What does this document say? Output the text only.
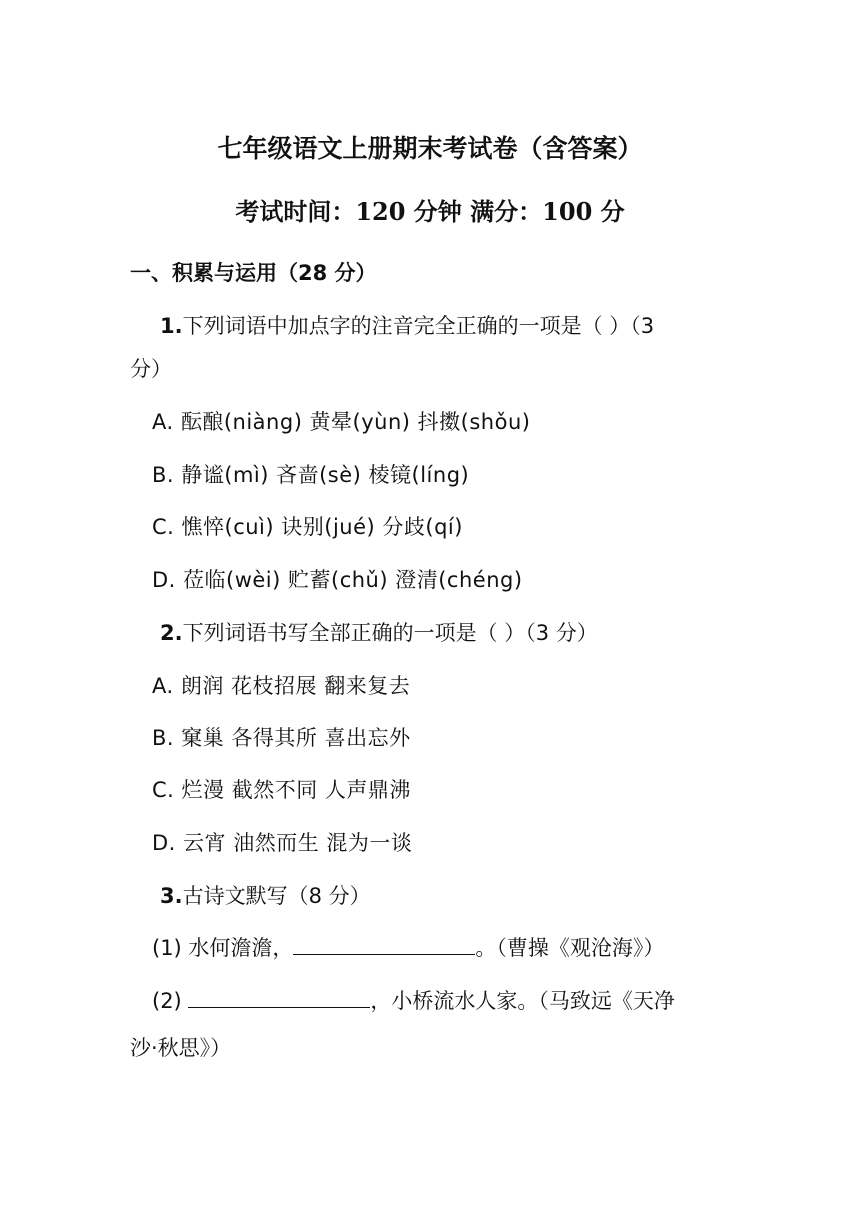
七年级语文上册期末考试卷（含答案）
考试时间：120 分钟 满分：100 分
一、积累与运用（28 分）
1.下列词语中加点字的注音完全正确的一项是（ ）（3
分）
A. 酝酿(niàng) 黄晕(yùn) 抖擞(shǒu)
B. 静谧(mì) 吝啬(sè) 棱镜(líng)
C. 憔悴(cuì) 诀别(jué) 分歧(qí)
D. 莅临(wèi) 贮蓄(chǔ) 澄清(chéng)
2.下列词语书写全部正确的一项是（ ）（3 分）
A. 朗润 花枝招展 翻来复去
B. 窠巢 各得其所 喜出忘外
C. 烂漫 截然不同 人声鼎沸
D. 云宵 油然而生 混为一谈
3.古诗文默写（8 分）
(1) 水何澹澹，	。（曹操《观沧海》）
(2)	，小桥流水人家。（马致远《天净
沙·秋思》）
